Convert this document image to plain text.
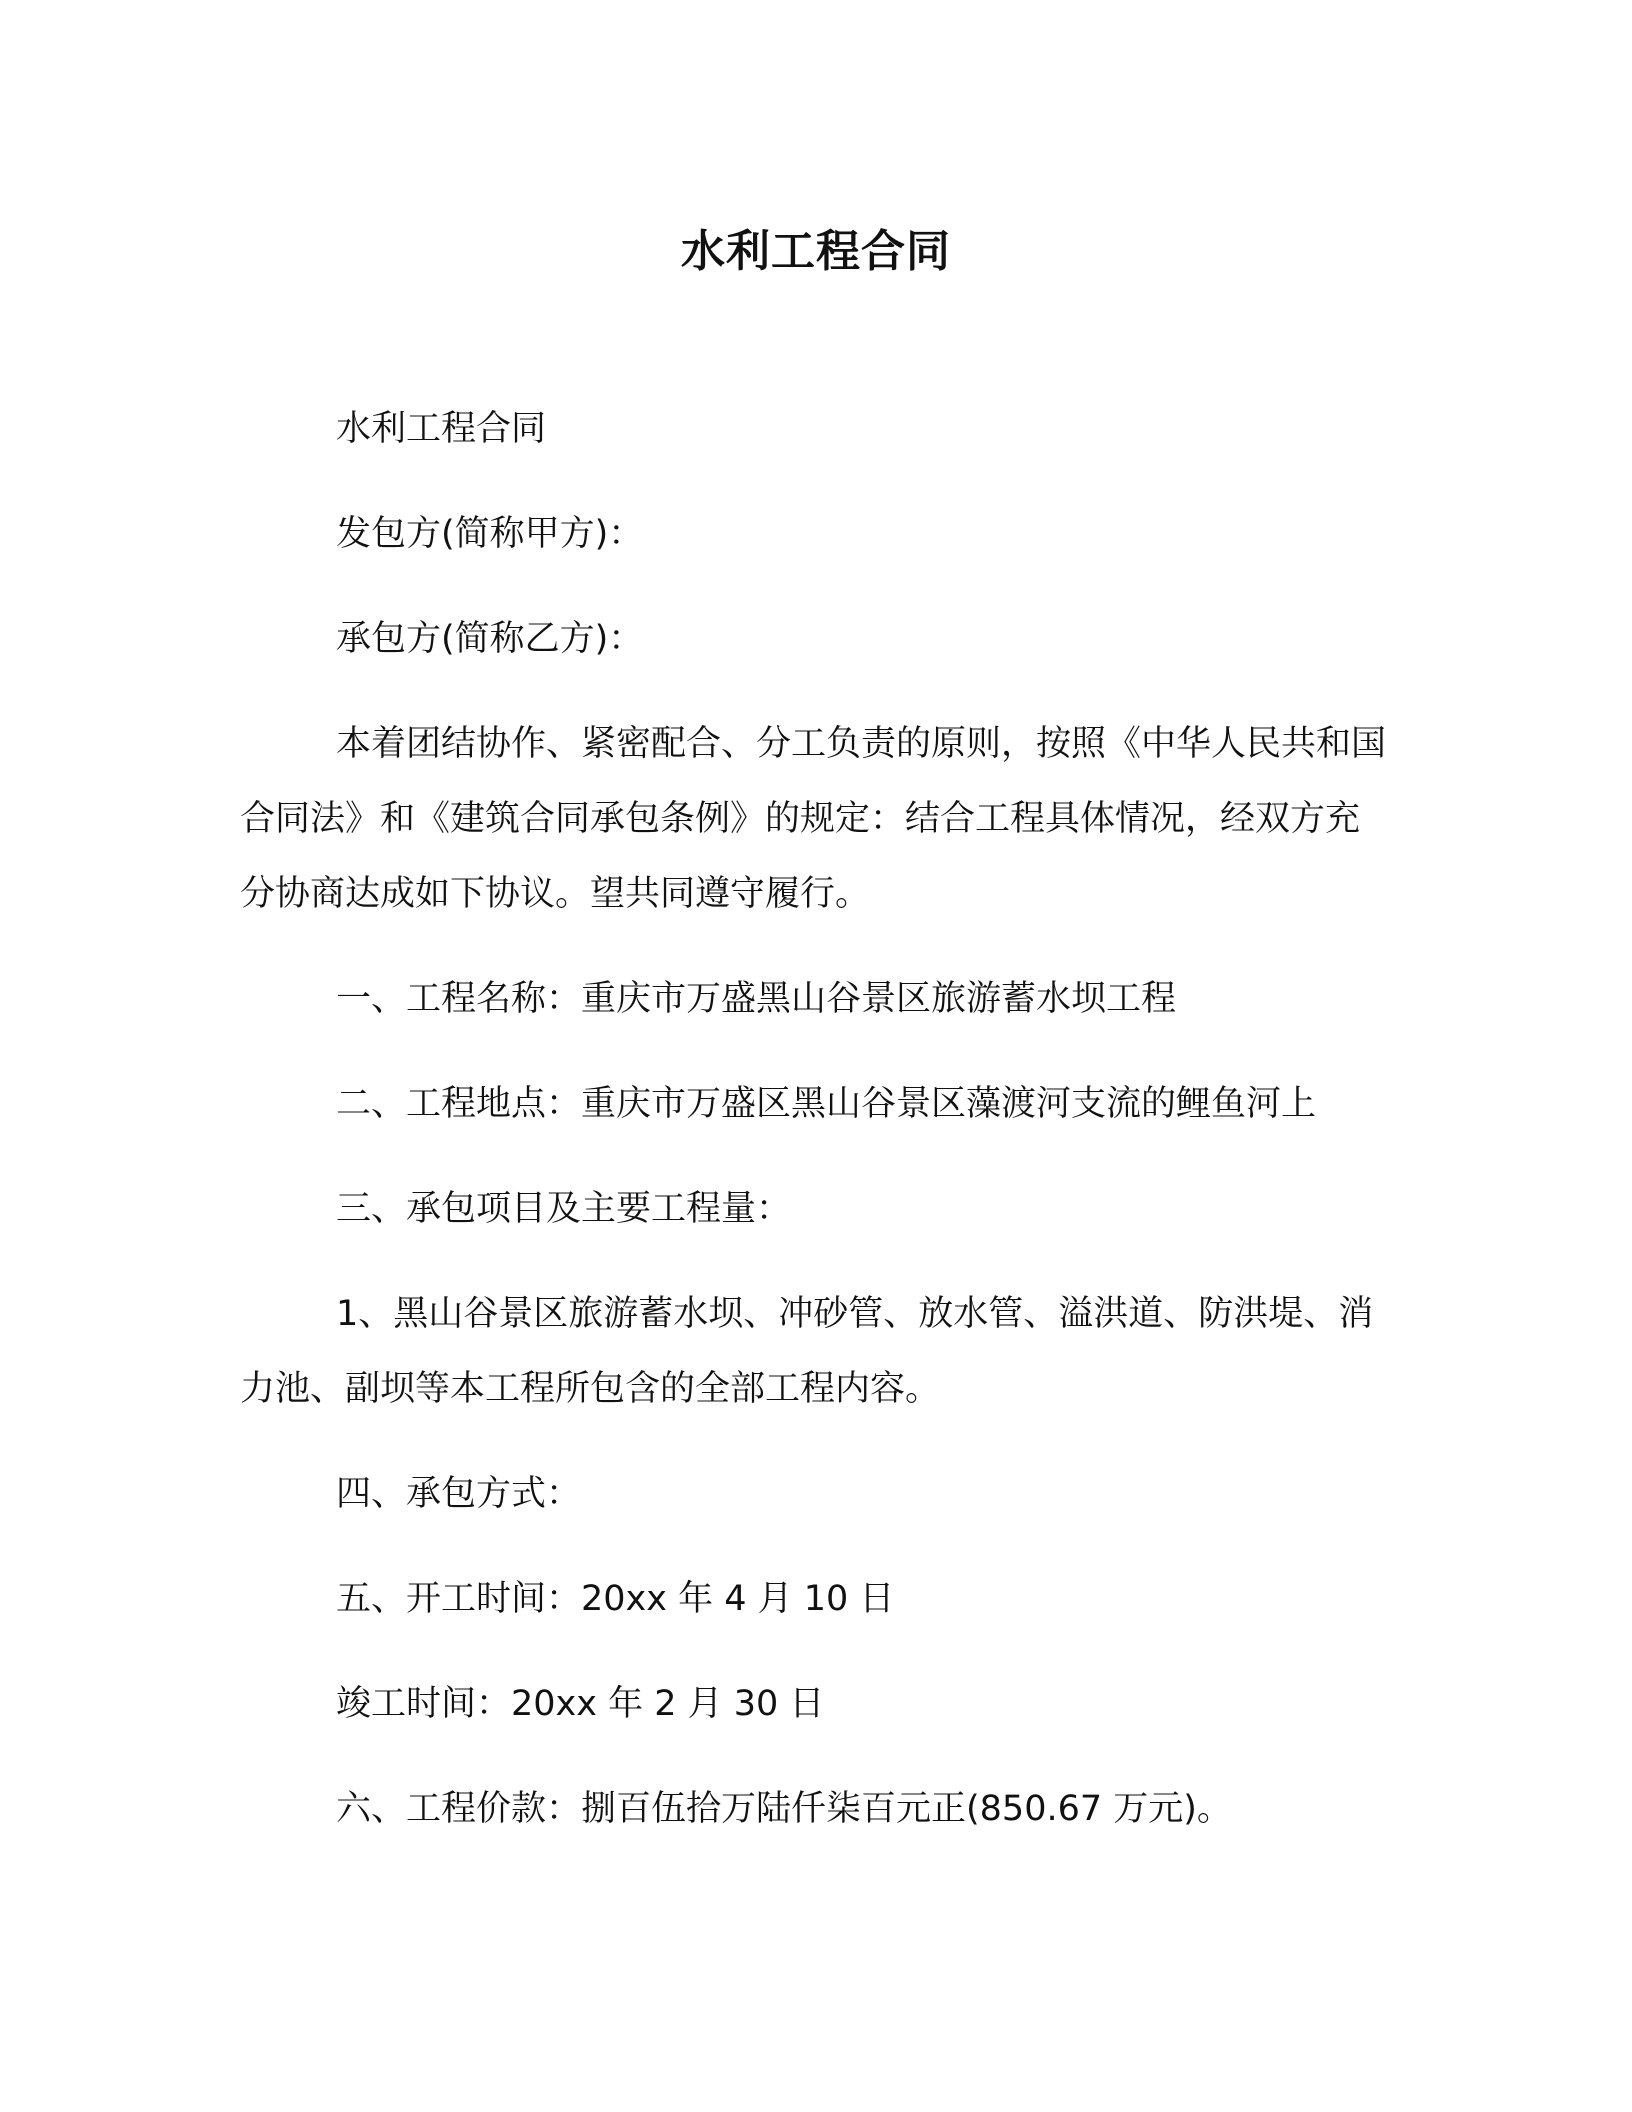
水利工程合同

水利工程合同

发包方(简称甲方)：

承包方(简称乙方)：

本着团结协作、紧密配合、分工负责的原则，按照《中华人民共和国合同法》和《建筑合同承包条例》的规定：结合工程具体情况，经双方充分协商达成如下协议。望共同遵守履行。

一、工程名称：重庆市万盛黑山谷景区旅游蓄水坝工程

二、工程地点：重庆市万盛区黑山谷景区藻渡河支流的鲤鱼河上

三、承包项目及主要工程量：

1、黑山谷景区旅游蓄水坝、冲砂管、放水管、溢洪道、防洪堤、消力池、副坝等本工程所包含的全部工程内容。

四、承包方式：

五、开工时间：20xx 年 4 月 10 日

竣工时间：20xx 年 2 月 30 日

六、工程价款：捌百伍拾万陆仟柒百元正(850.67 万元)。
